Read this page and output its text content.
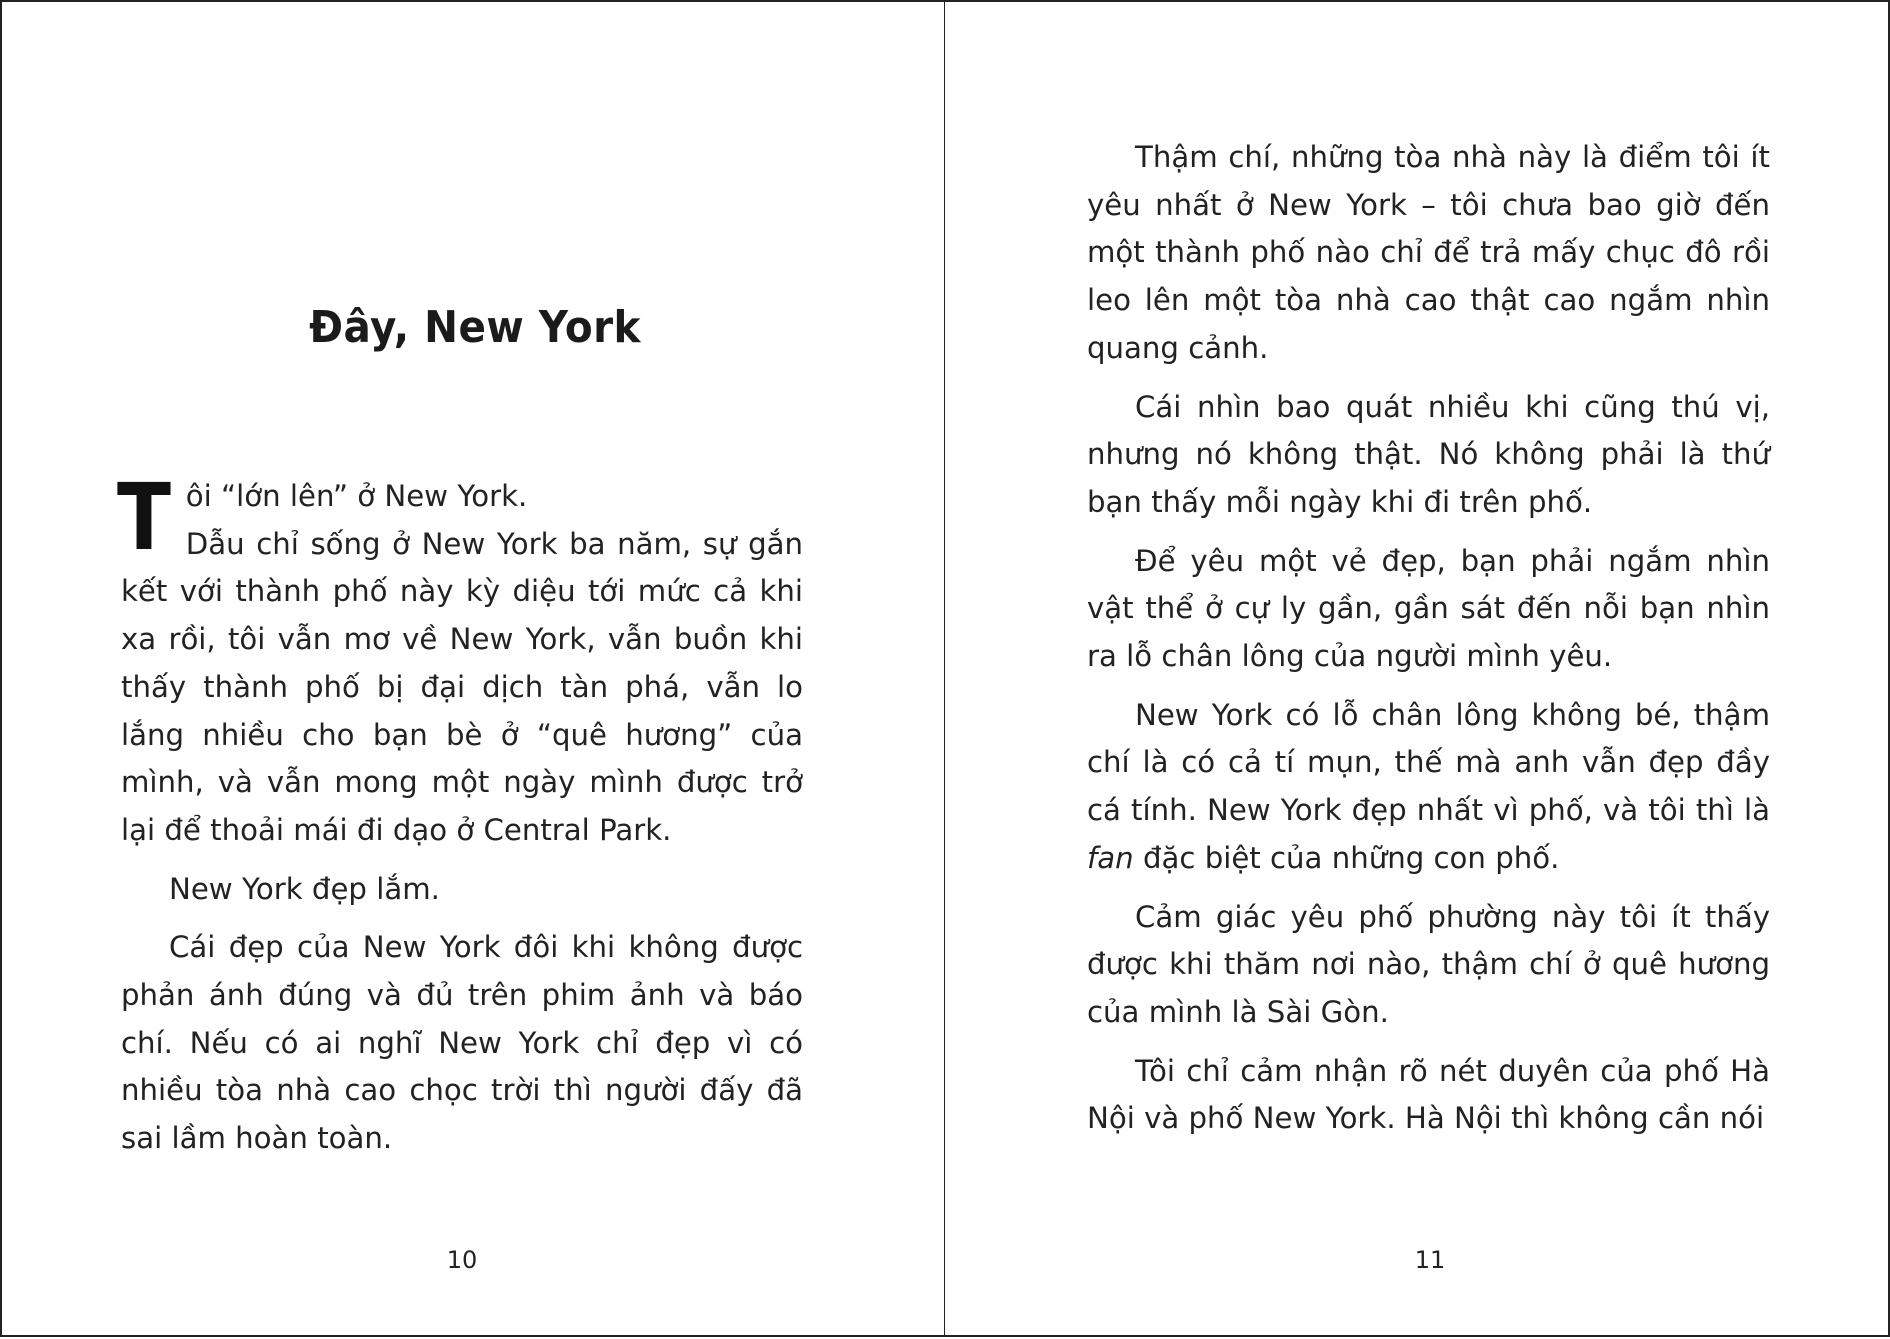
Đây, New York

Tôi “lớn lên” ở New York.
Dẫu chỉ sống ở New York ba năm, sự gắn kết với thành phố này kỳ diệu tới mức cả khi xa rồi, tôi vẫn mơ về New York, vẫn buồn khi thấy thành phố bị đại dịch tàn phá, vẫn lo lắng nhiều cho bạn bè ở “quê hương” của mình, và vẫn mong một ngày mình được trở lại để thoải mái đi dạo ở Central Park.

New York đẹp lắm.

Cái đẹp của New York đôi khi không được phản ánh đúng và đủ trên phim ảnh và báo chí. Nếu có ai nghĩ New York chỉ đẹp vì có nhiều tòa nhà cao chọc trời thì người đấy đã sai lầm hoàn toàn.

10	11

Thậm chí, những tòa nhà này là điểm tôi ít yêu nhất ở New York – tôi chưa bao giờ đến một thành phố nào chỉ để trả mấy chục đô rồi leo lên một tòa nhà cao thật cao ngắm nhìn quang cảnh.

Cái nhìn bao quát nhiều khi cũng thú vị, nhưng nó không thật. Nó không phải là thứ bạn thấy mỗi ngày khi đi trên phố.

Để yêu một vẻ đẹp, bạn phải ngắm nhìn vật thể ở cự ly gần, gần sát đến nỗi bạn nhìn ra lỗ chân lông của người mình yêu.

New York có lỗ chân lông không bé, thậm chí là có cả tí mụn, thế mà anh vẫn đẹp đầy cá tính. New York đẹp nhất vì phố, và tôi thì là fan đặc biệt của những con phố.

Cảm giác yêu phố phường này tôi ít thấy được khi thăm nơi nào, thậm chí ở quê hương của mình là Sài Gòn.

Tôi chỉ cảm nhận rõ nét duyên của phố Hà Nội và phố New York. Hà Nội thì không cần nói
